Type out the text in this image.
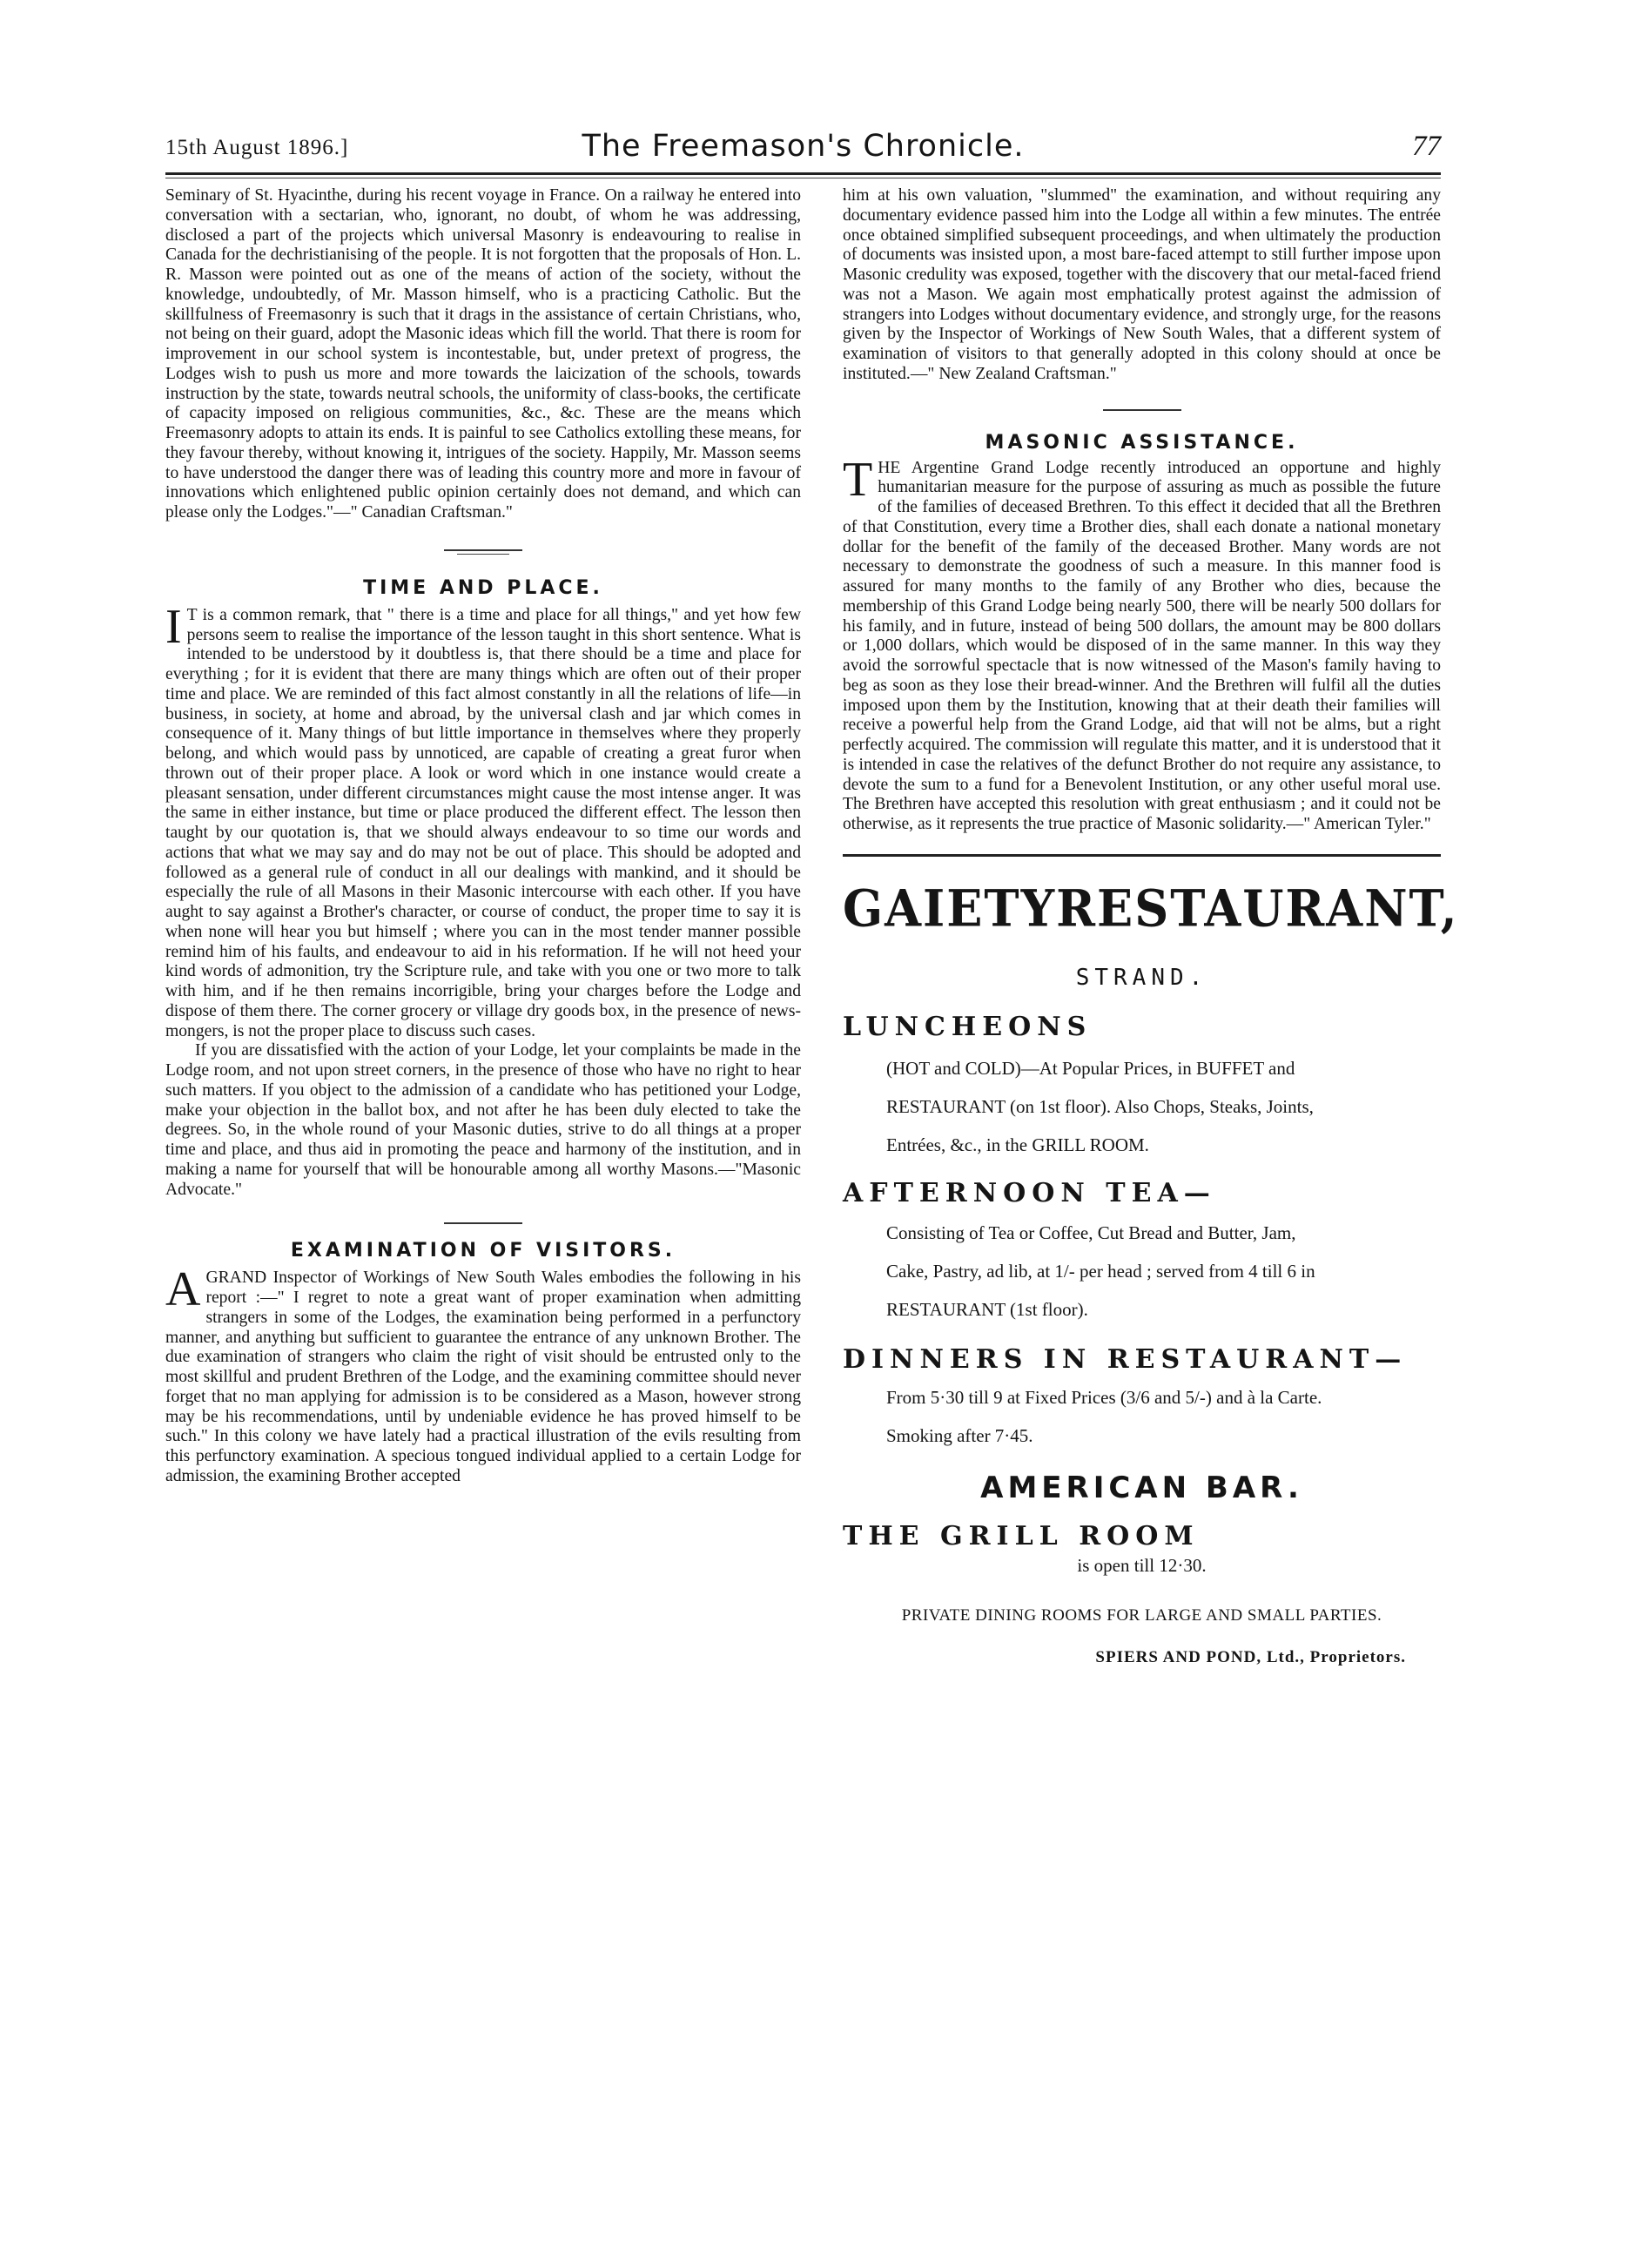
15th August 1896.]	The Freemason's Chronicle.	77

Seminary of St. Hyacinthe, during his recent voyage in France. On a railway he entered into conversation with a sectarian, who, ignorant, no doubt, of whom he was addressing, disclosed a part of the projects which universal Masonry is endeavouring to realise in Canada for the dechristianising of the people. It is not forgotten that the proposals of Hon. L. R. Masson were pointed out as one of the means of action of the society, without the knowledge, undoubtedly, of Mr. Masson himself, who is a practicing Catholic. But the skillfulness of Freemasonry is such that it drags in the assistance of certain Christians, who, not being on their guard, adopt the Masonic ideas which fill the world. That there is room for improvement in our school system is incontestable, but, under pretext of progress, the Lodges wish to push us more and more towards the laicization of the schools, towards instruction by the state, towards neutral schools, the uniformity of class-books, the certificate of capacity imposed on religious communities, &c., &c. These are the means which Freemasonry adopts to attain its ends. It is painful to see Catholics extolling these means, for they favour thereby, without knowing it, intrigues of the society. Happily, Mr. Masson seems to have understood the danger there was of leading this country more and more in favour of innovations which enlightened public opinion certainly does not demand, and which can please only the Lodges."—" Canadian Craftsman."

TIME AND PLACE.

I T is a common remark, that " there is a time and place for all things," and yet how few persons seem to realise the importance of the lesson taught in this short sentence. What is intended to be understood by it doubtless is, that there should be a time and place for everything ; for it is evident that there are many things which are often out of their proper time and place. We are reminded of this fact almost constantly in all the relations of life—in business, in society, at home and abroad, by the universal clash and jar which comes in consequence of it. Many things of but little importance in themselves where they properly belong, and which would pass by unnoticed, are capable of creating a great furor when thrown out of their proper place. A look or word which in one instance would create a pleasant sensation, under different circumstances might cause the most intense anger. It was the same in either instance, but time or place produced the different effect. The lesson then taught by our quotation is, that we should always endeavour to so time our words and actions that what we may say and do may not be out of place. This should be adopted and followed as a general rule of conduct in all our dealings with mankind, and it should be especially the rule of all Masons in their Masonic intercourse with each other. If you have aught to say against a Brother's character, or course of conduct, the proper time to say it is when none will hear you but himself ; where you can in the most tender manner possible remind him of his faults, and endeavour to aid in his reformation. If he will not heed your kind words of admonition, try the Scripture rule, and take with you one or two more to talk with him, and if he then remains incorrigible, bring your charges before the Lodge and dispose of them there. The corner grocery or village dry goods box, in the presence of news-mongers, is not the proper place to discuss such cases.

If you are dissatisfied with the action of your Lodge, let your complaints be made in the Lodge room, and not upon street corners, in the presence of those who have no right to hear such matters. If you object to the admission of a candidate who has petitioned your Lodge, make your objection in the ballot box, and not after he has been duly elected to take the degrees. So, in the whole round of your Masonic duties, strive to do all things at a proper time and place, and thus aid in promoting the peace and harmony of the institution, and in making a name for yourself that will be honourable among all worthy Masons.—"Masonic Advocate."

EXAMINATION OF VISITORS.

AGRAND Inspector of Workings of New South Wales embodies the following in his report :—" I regret to note a great want of proper examination when admitting strangers in some of the Lodges, the examination being performed in a perfunctory manner, and anything but sufficient to guarantee the entrance of any unknown Brother. The due examination of strangers who claim the right of visit should be entrusted only to the most skillful and prudent Brethren of the Lodge, and the examining committee should never forget that no man applying for admission is to be considered as a Mason, however strong may be his recommendations, until by undeniable evidence he has proved himself to be such." In this colony we have lately had a practical illustration of the evils resulting from this perfunctory examination. A specious tongued individual applied to a certain Lodge for admission, the examining Brother accepted

him at his own valuation, "slummed" the examination, and without requiring any documentary evidence passed him into the Lodge all within a few minutes. The entrée once obtained simplified subsequent proceedings, and when ultimately the production of documents was insisted upon, a most bare-faced attempt to still further impose upon Masonic credulity was exposed, together with the discovery that our metal-faced friend was not a Mason. We again most emphatically protest against the admission of strangers into Lodges without documentary evidence, and strongly urge, for the reasons given by the Inspector of Workings of New South Wales, that a different system of examination of visitors to that generally adopted in this colony should at once be instituted.—" New Zealand Craftsman."

MASONIC ASSISTANCE.

THE Argentine Grand Lodge recently introduced an opportune and highly humanitarian measure for the purpose of assuring as much as possible the future of the families of deceased Brethren. To this effect it decided that all the Brethren of that Constitution, every time a Brother dies, shall each donate a national monetary dollar for the benefit of the family of the deceased Brother. Many words are not necessary to demonstrate the goodness of such a measure. In this manner food is assured for many months to the family of any Brother who dies, because the membership of this Grand Lodge being nearly 500, there will be nearly 500 dollars for his family, and in future, instead of being 500 dollars, the amount may be 800 dollars or 1,000 dollars, which would be disposed of in the same manner. In this way they avoid the sorrowful spectacle that is now witnessed of the Mason's family having to beg as soon as they lose their bread-winner. And the Brethren will fulfil all the duties imposed upon them by the Institution, knowing that at their death their families will receive a powerful help from the Grand Lodge, aid that will not be alms, but a right perfectly acquired. The commission will regulate this matter, and it is understood that it is intended in case the relatives of the defunct Brother do not require any assistance, to devote the sum to a fund for a Benevolent Institution, or any other useful moral use. The Brethren have accepted this resolution with great enthusiasm ; and it could not be otherwise, as it represents the true practice of Masonic solidarity.—" American Tyler."

GAIETY RESTAURANT,

STRAND.

LUNCHEONS

(HOT and COLD)—At Popular Prices, in BUFFET and

RESTAURANT (on 1st floor). Also Chops, Steaks, Joints,

Entrées, &c., in the GRILL ROOM.

AFTERNOON TEA—

Consisting of Tea or Coffee, Cut Bread and Butter, Jam,

Cake, Pastry, ad lib, at 1/- per head ; served from 4 till 6 in

RESTAURANT (1st floor).

DINNERS IN RESTAURANT—

From 5·30 till 9 at Fixed Prices (3/6 and 5/-) and à la Carte.

Smoking after 7·45.

AMERICAN BAR.

THE GRILL ROOM

is open till 12·30.

PRIVATE DINING ROOMS FOR LARGE AND SMALL PARTIES.

SPIERS AND POND, Ltd., Proprietors.
